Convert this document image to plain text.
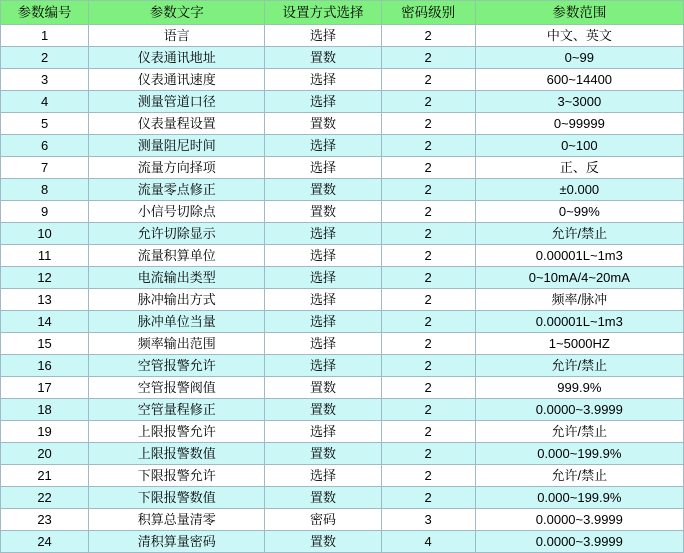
参数编号	参数文字	设置方式选择	密码级别	参数范围
1	语言	选择	2	中文、英文
2	仪表通讯地址	置数	2	0~99
3	仪表通讯速度	选择	2	600~14400
4	测量管道口径	选择	2	3~3000
5	仪表量程设置	置数	2	0~99999
6	测量阻尼时间	选择	2	0~100
7	流量方向择项	选择	2	正、反
8	流量零点修正	置数	2	±0.000
9	小信号切除点	置数	2	0~99%
10	允许切除显示	选择	2	允许/禁止
11	流量积算单位	选择	2	0.00001L~1m3
12	电流输出类型	选择	2	0~10mA/4~20mA
13	脉冲输出方式	选择	2	频率/脉冲
14	脉冲单位当量	选择	2	0.00001L~1m3
15	频率输出范围	选择	2	1~5000HZ
16	空管报警允许	选择	2	允许/禁止
17	空管报警阀值	置数	2	999.9%
18	空管量程修正	置数	2	0.0000~3.9999
19	上限报警允许	选择	2	允许/禁止
20	上限报警数值	置数	2	0.000~199.9%
21	下限报警允许	选择	2	允许/禁止
22	下限报警数值	置数	2	0.000~199.9%
23	积算总量清零	密码	3	0.0000~3.9999
24	清积算量密码	置数	4	0.0000~3.9999
